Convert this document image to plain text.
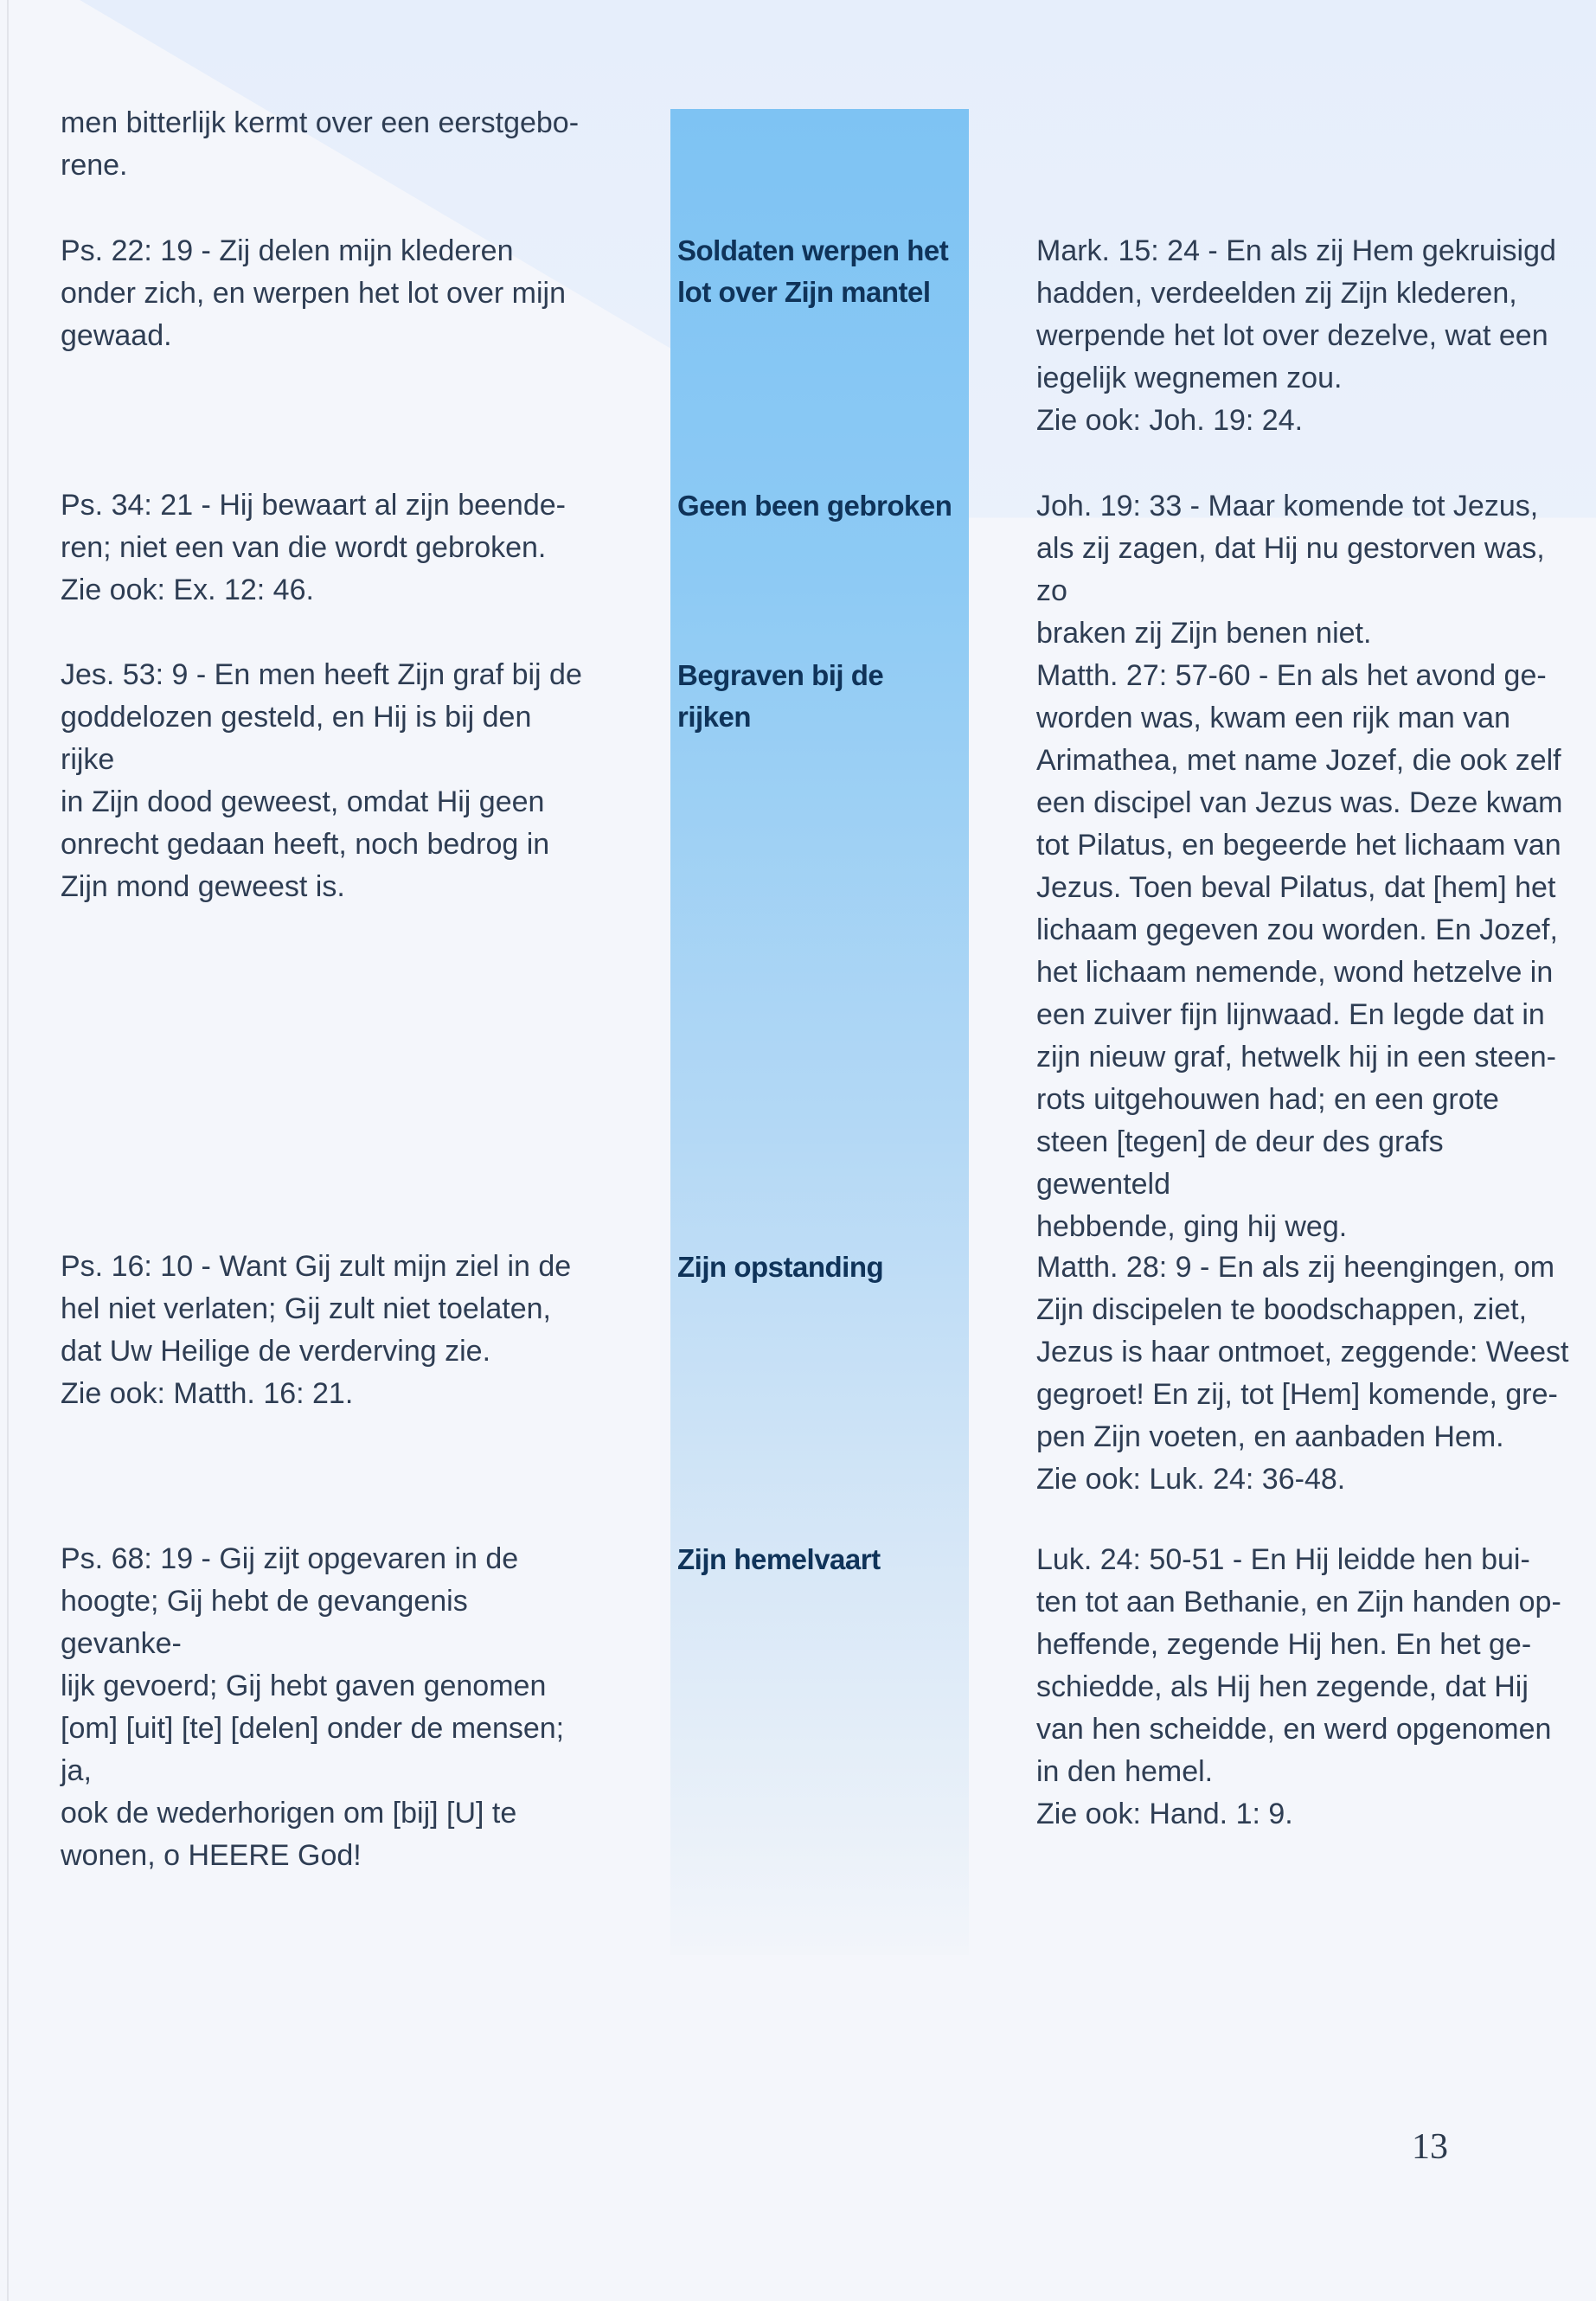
men bitterlijk kermt over een eerstgebo-
rene.
Ps. 22: 19 - Zij delen mijn klederen
onder zich, en werpen het lot over mijn
gewaad.
Ps. 34: 21 - Hij bewaart al zijn beende-
ren; niet een van die wordt gebroken.
Zie ook: Ex. 12: 46.
Jes. 53: 9 - En men heeft Zijn graf bij de
goddelozen gesteld, en Hij is bij den rijke
in Zijn dood geweest, omdat Hij geen
onrecht gedaan heeft, noch bedrog in
Zijn mond geweest is.
Ps. 16: 10 - Want Gij zult mijn ziel in de
hel niet verlaten; Gij zult niet toelaten,
dat Uw Heilige de verderving zie.
Zie ook: Matth. 16: 21.
Ps. 68: 19 - Gij zijt opgevaren in de
hoogte; Gij hebt de gevangenis gevanke-
lijk gevoerd; Gij hebt gaven genomen
[om] [uit] [te] [delen] onder de mensen; ja,
ook de wederhorigen om [bij] [U] te
wonen, o HEERE God!
Soldaten werpen het
lot over Zijn mantel
Geen been gebroken
Begraven bij de rijken
Zijn opstanding
Zijn hemelvaart
Mark. 15: 24 - En als zij Hem gekruisigd
hadden, verdeelden zij Zijn klederen,
werpende het lot over dezelve, wat een
iegelijk wegnemen zou.
Zie ook: Joh. 19: 24.
Joh. 19: 33 - Maar komende tot Jezus,
als zij zagen, dat Hij nu gestorven was, zo
braken zij Zijn benen niet.
Matth. 27: 57-60 - En als het avond ge-
worden was, kwam een rijk man van
Arimathea, met name Jozef, die ook zelf
een discipel van Jezus was. Deze kwam
tot Pilatus, en begeerde het lichaam van
Jezus. Toen beval Pilatus, dat [hem] het
lichaam gegeven zou worden. En Jozef,
het lichaam nemende, wond hetzelve in
een zuiver fijn lijnwaad. En legde dat in
zijn nieuw graf, hetwelk hij in een steen-
rots uitgehouwen had; en een grote
steen [tegen] de deur des grafs gewenteld
hebbende, ging hij weg.
Matth. 28: 9 - En als zij heengingen, om
Zijn discipelen te boodschappen, ziet,
Jezus is haar ontmoet, zeggende: Weest
gegroet! En zij, tot [Hem] komende, gre-
pen Zijn voeten, en aanbaden Hem.
Zie ook: Luk. 24: 36-48.
Luk. 24: 50-51 - En Hij leidde hen bui-
ten tot aan Bethanie, en Zijn handen op-
heffende, zegende Hij hen. En het ge-
schiedde, als Hij hen zegende, dat Hij
van hen scheidde, en werd opgenomen
in den hemel.
Zie ook: Hand. 1: 9.
13
